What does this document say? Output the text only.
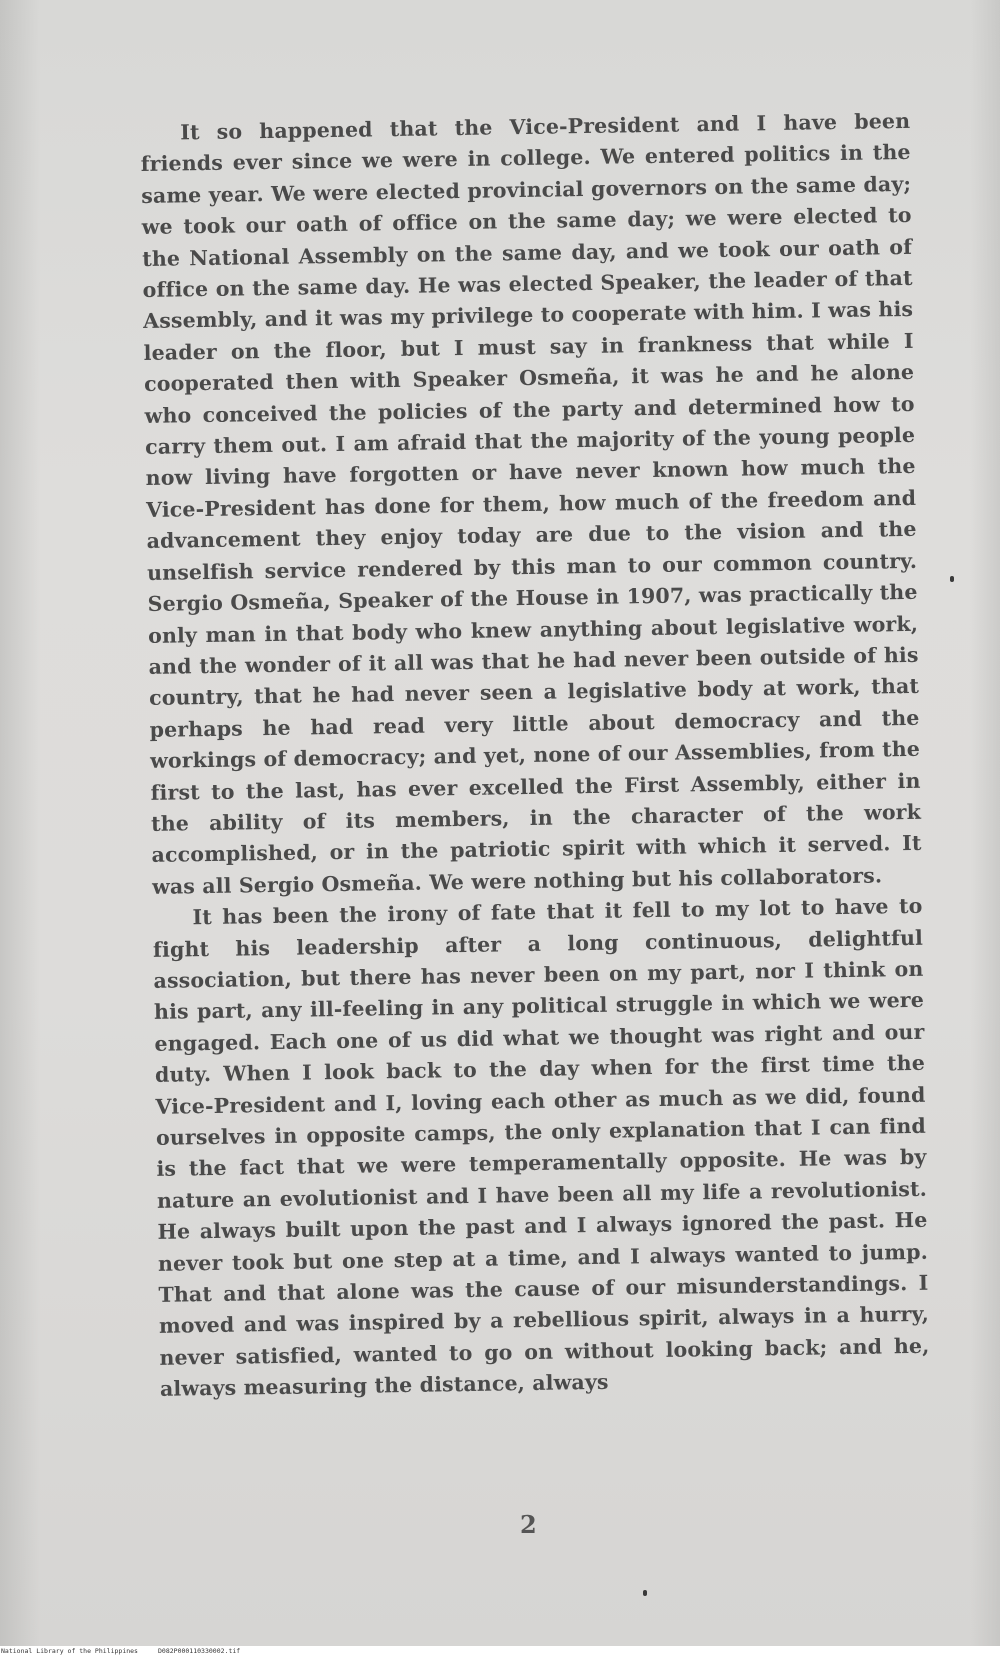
It so happened that the Vice-President and I have been friends ever since we were in college. We entered politics in the same year. We were elected provincial governors on the same day; we took our oath of office on the same day; we were elected to the National Assembly on the same day, and we took our oath of office on the same day. He was elected Speaker, the leader of that Assembly, and it was my privilege to cooperate with him. I was his leader on the floor, but I must say in frankness that while I cooperated then with Speaker Osmeña, it was he and he alone who conceived the policies of the party and determined how to carry them out. I am afraid that the majority of the young people now living have forgotten or have never known how much the Vice-President has done for them, how much of the freedom and advancement they enjoy today are due to the vision and the unselfish service rendered by this man to our common country. Sergio Osmeña, Speaker of the House in 1907, was practically the only man in that body who knew anything about legislative work, and the wonder of it all was that he had never been outside of his country, that he had never seen a legislative body at work, that perhaps he had read very little about democracy and the workings of democracy; and yet, none of our Assemblies, from the first to the last, has ever excelled the First Assembly, either in the ability of its members, in the character of the work accomplished, or in the patriotic spirit with which it served. It was all Sergio Osmeña. We were nothing but his collaborators.

It has been the irony of fate that it fell to my lot to have to fight his leadership after a long continuous, delightful association, but there has never been on my part, nor I think on his part, any ill-feeling in any political struggle in which we were engaged. Each one of us did what we thought was right and our duty. When I look back to the day when for the first time the Vice-President and I, loving each other as much as we did, found ourselves in opposite camps, the only explanation that I can find is the fact that we were temperamentally opposite. He was by nature an evolutionist and I have been all my life a revolutionist. He always built upon the past and I always ignored the past. He never took but one step at a time, and I always wanted to jump. That and that alone was the cause of our misunderstandings. I moved and was inspired by a rebellious spirit, always in a hurry, never satisfied, wanted to go on without looking back; and he, always measuring the distance, always

2
National Library of the Philippines	D082P000110330002.tif
